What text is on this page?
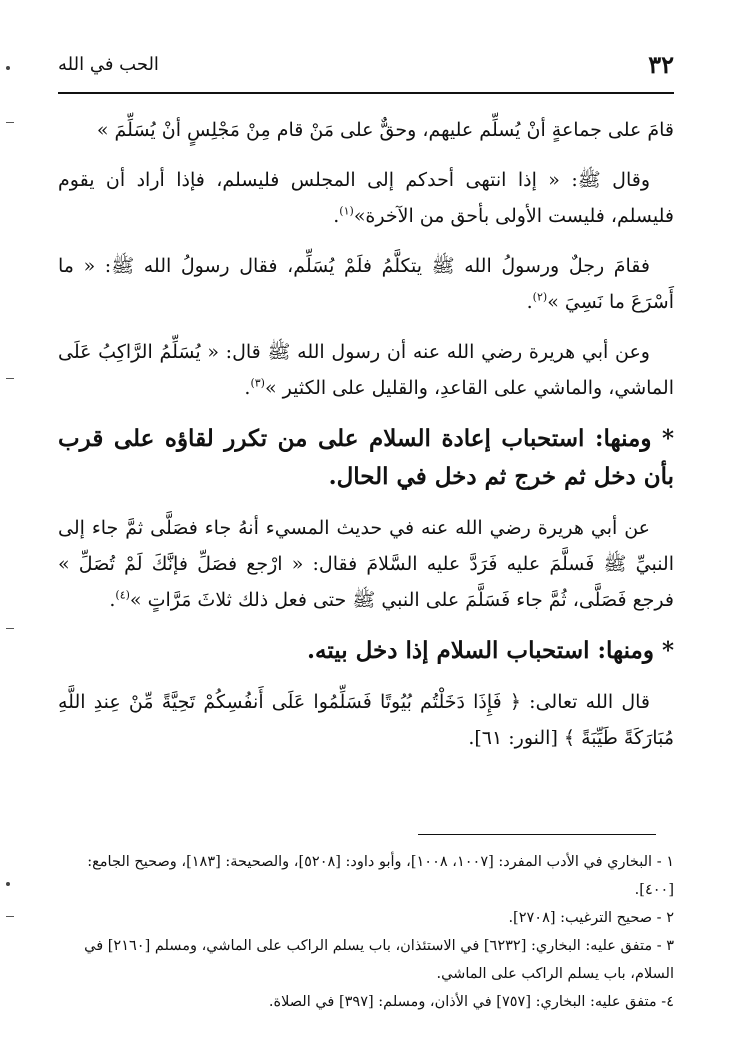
٣٢
الحب في الله

قامَ على جماعةٍ أنْ يُسلِّم عليهم، وحقٌّ على مَنْ قام مِنْ مَجْلِسٍ أنْ يُسَلِّمَ »

وقال ﷺ: « إذا انتهى أحدكم إلى المجلس فليسلم، فإذا أراد أن يقوم فليسلم، فليست الأولى بأحق من الآخرة»$^{(١)}$.

فقامَ رجلٌ ورسولُ الله ﷺ يتكلَّمُ فلَمْ يُسَلِّم، فقال رسولُ الله ﷺ: « ما أَسْرَعَ ما نَسِيَ »$^{(٢)}$.

وعن أبي هريرة رضي الله عنه أن رسول الله ﷺ قال: « يُسَلِّمُ الرَّاكِبُ عَلَى الماشي، والماشي على القاعدِ، والقليل على الكثير »$^{(٣)}$.

* ومنها: استحباب إعادة السلام على من تكرر لقاؤه على قرب بأن دخل ثم خرج ثم دخل في الحال.

عن أبي هريرة رضي الله عنه في حديث المسيء أنهُ جاء فصَلَّى ثمَّ جاء إلى النبيِّ ﷺ فَسلَّمَ عليه فَرَدَّ عليه السَّلامَ فقال: « ارْجع فصَلِّ فإنَّكَ لَمْ تُصَلِّ » فرجع فَصَلَّى، ثُمَّ جاء فَسَلَّمَ على النبي ﷺ حتى فعل ذلك ثلاثَ مَرَّاتٍ »$^{(٤)}$.

* ومنها: استحباب السلام إذا دخل بيته.

قال الله تعالى: ﴿ فَإِذَا دَخَلْتُم بُيُوتًا فَسَلِّمُوا عَلَى أَنفُسِكُمْ تَحِيَّةً مِّنْ عِندِ اللَّهِ مُبَارَكَةً طَيِّبَةً ﴾ [النور: ٦١].

١ - البخاري في الأدب المفرد: [١٠٠٧، ١٠٠٨]، وأبو داود: [٥٢٠٨]، والصحيحة: [١٨٣]، وصحيح الجامع: [٤٠٠].

٢ - صحيح الترغيب: [٢٧٠٨].

٣ - متفق عليه: البخاري: [٦٢٣٢] في الاستئذان، باب يسلم الراكب على الماشي، ومسلم [٢١٦٠] في السلام، باب يسلم الراكب على الماشي.

٤- متفق عليه: البخاري: [٧٥٧] في الأذان، ومسلم: [٣٩٧] في الصلاة.
